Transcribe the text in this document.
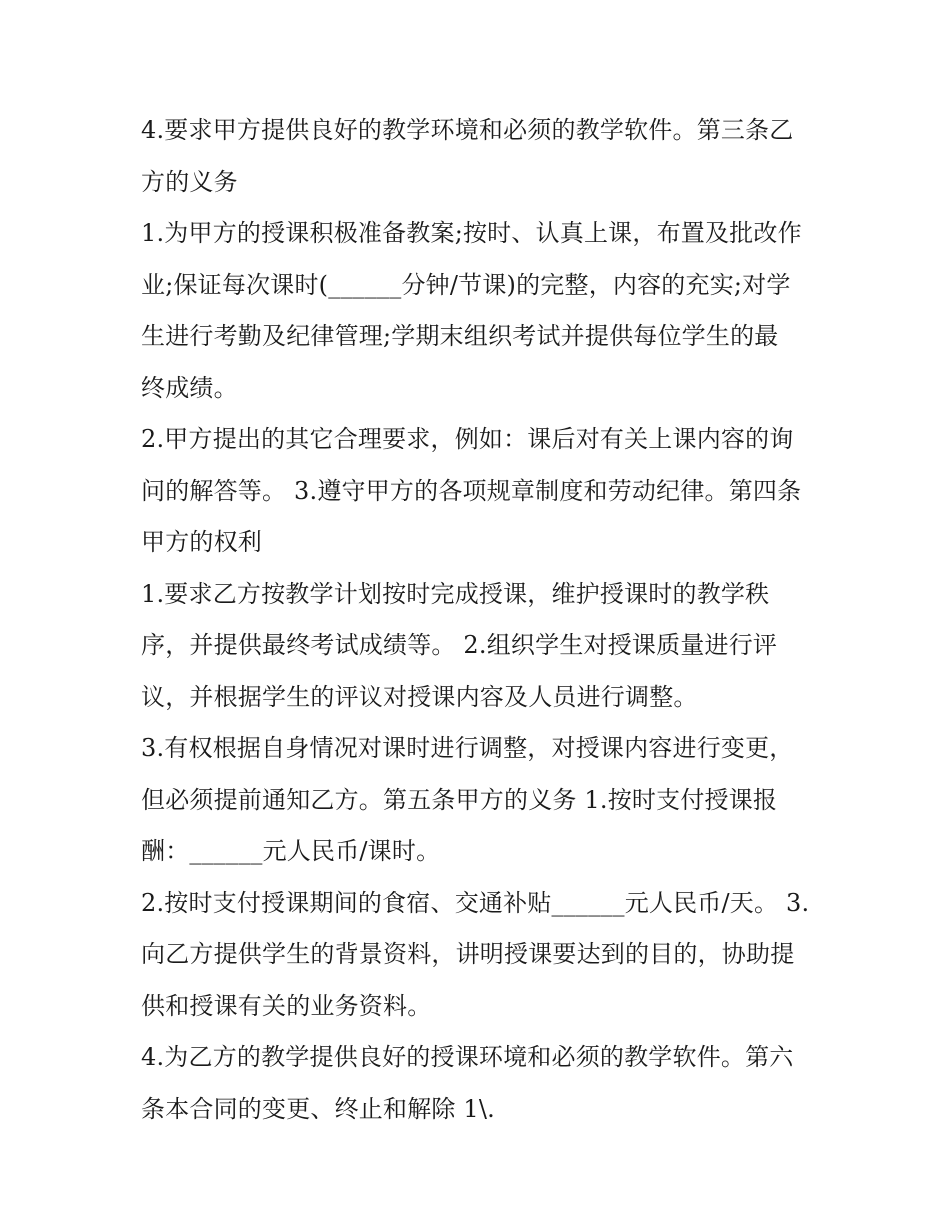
4.要求甲方提供良好的教学环境和必须的教学软件。第三条乙
方的义务
1.为甲方的授课积极准备教案;按时、认真上课，布置及批改作
业;保证每次课时(______分钟/节课)的完整，内容的充实;对学
生进行考勤及纪律管理;学期末组织考试并提供每位学生的最
终成绩。
2.甲方提出的其它合理要求，例如：课后对有关上课内容的询
问的解答等。 3.遵守甲方的各项规章制度和劳动纪律。第四条
甲方的权利
1.要求乙方按教学计划按时完成授课，维护授课时的教学秩
序，并提供最终考试成绩等。 2.组织学生对授课质量进行评
议，并根据学生的评议对授课内容及人员进行调整。
3.有权根据自身情况对课时进行调整，对授课内容进行变更，
但必须提前通知乙方。第五条甲方的义务 1.按时支付授课报
酬：______元人民币/课时。
2.按时支付授课期间的食宿、交通补贴______元人民币/天。 3.
向乙方提供学生的背景资料，讲明授课要达到的目的，协助提
供和授课有关的业务资料。
4.为乙方的教学提供良好的授课环境和必须的教学软件。第六
条本合同的变更、终止和解除 1\.
